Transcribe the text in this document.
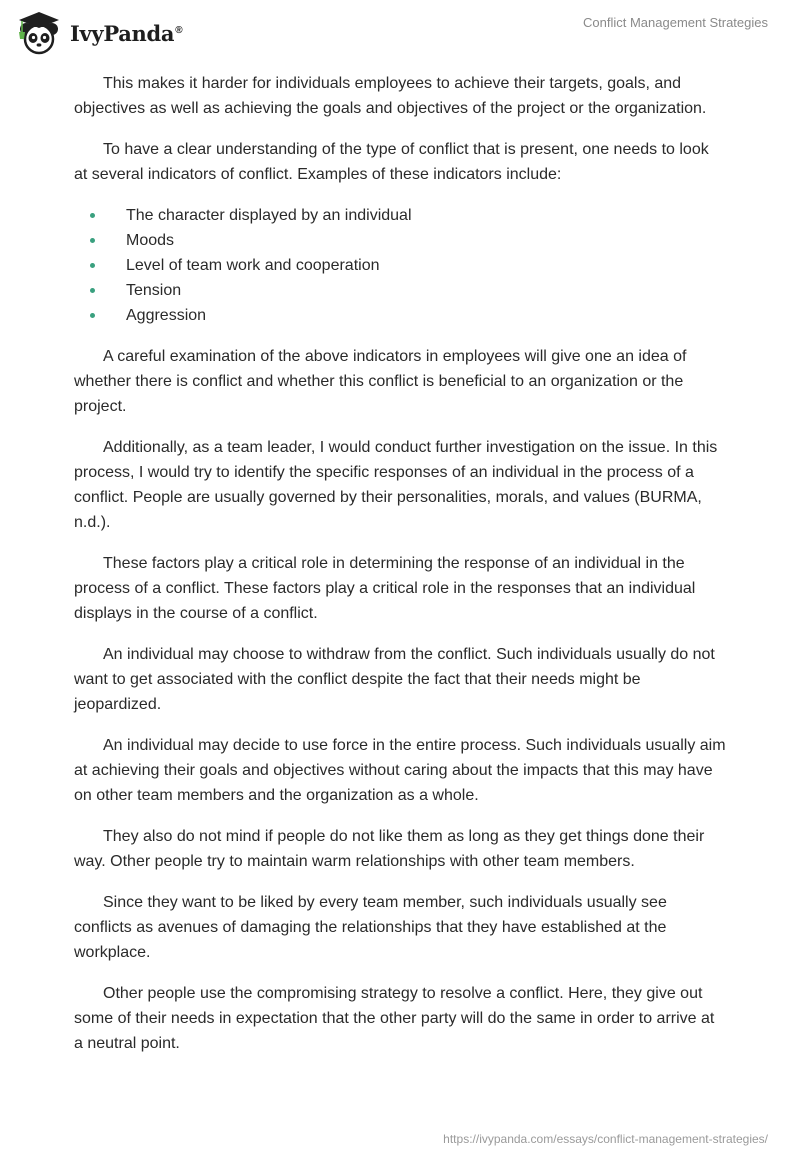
IvyPanda®	Conflict Management Strategies

This makes it harder for individuals employees to achieve their targets, goals, and objectives as well as achieving the goals and objectives of the project or the organization.

To have a clear understanding of the type of conflict that is present, one needs to look at several indicators of conflict. Examples of these indicators include:

The character displayed by an individual
Moods
Level of team work and cooperation
Tension
Aggression

A careful examination of the above indicators in employees will give one an idea of whether there is conflict and whether this conflict is beneficial to an organization or the project.

Additionally, as a team leader, I would conduct further investigation on the issue. In this process, I would try to identify the specific responses of an individual in the process of a conflict. People are usually governed by their personalities, morals, and values (BURMA, n.d.).

These factors play a critical role in determining the response of an individual in the process of a conflict. These factors play a critical role in the responses that an individual displays in the course of a conflict.

An individual may choose to withdraw from the conflict. Such individuals usually do not want to get associated with the conflict despite the fact that their needs might be jeopardized.

An individual may decide to use force in the entire process. Such individuals usually aim at achieving their goals and objectives without caring about the impacts that this may have on other team members and the organization as a whole.

They also do not mind if people do not like them as long as they get things done their way. Other people try to maintain warm relationships with other team members.

Since they want to be liked by every team member, such individuals usually see conflicts as avenues of damaging the relationships that they have established at the workplace.

Other people use the compromising strategy to resolve a conflict. Here, they give out some of their needs in expectation that the other party will do the same in order to arrive at a neutral point.

https://ivypanda.com/essays/conflict-management-strategies/
